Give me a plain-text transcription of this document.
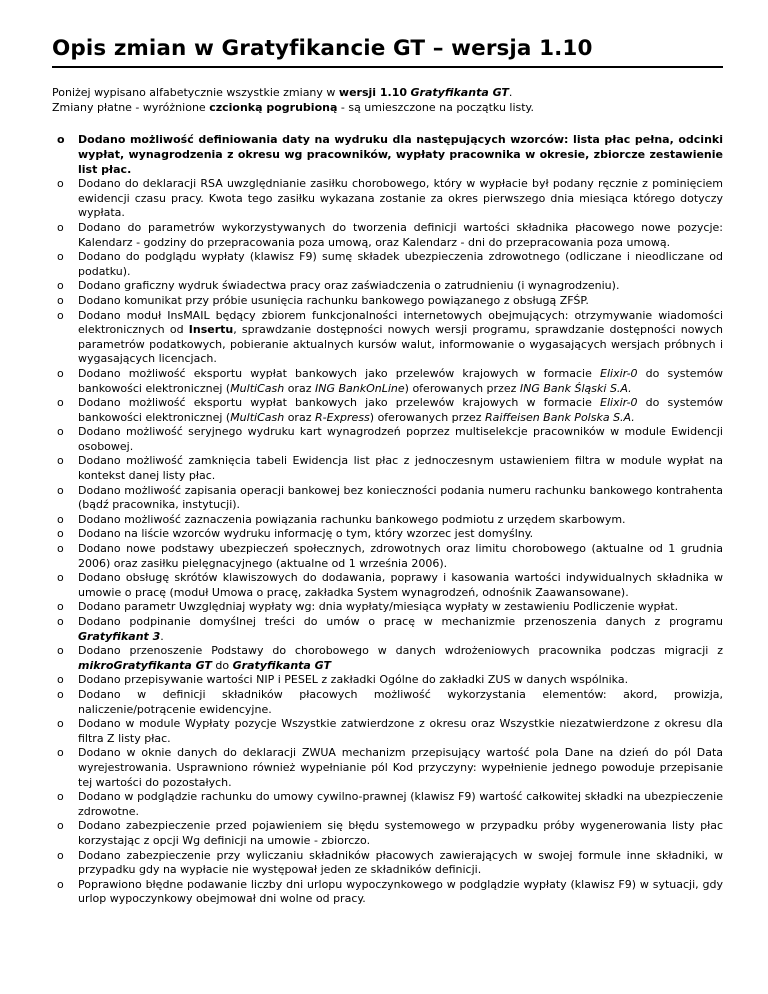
Opis zmian w Gratyfikancie GT – wersja 1.10

Poniżej wypisano alfabetycznie wszystkie zmiany w wersji 1.10 Gratyfikanta GT.

Zmiany płatne - wyróżnione czcionką pogrubioną - są umieszczone na początku listy.

o Dodano możliwość definiowania daty na wydruku dla następujących wzorców: lista płac pełna, odcinki wypłat, wynagrodzenia z okresu wg pracowników, wypłaty pracownika w okresie, zbiorcze zestawienie list płac.
o Dodano do deklaracji RSA uwzględnianie zasiłku chorobowego, który w wypłacie był podany ręcznie z pominięciem ewidencji czasu pracy. Kwota tego zasiłku wykazana zostanie za okres pierwszego dnia miesiąca którego dotyczy wypłata.
o Dodano do parametrów wykorzystywanych do tworzenia definicji wartości składnika płacowego nowe pozycje: Kalendarz - godziny do przepracowania poza umową, oraz Kalendarz - dni do przepracowania poza umową.
o Dodano do podglądu wypłaty (klawisz F9) sumę składek ubezpieczenia zdrowotnego (odliczane i nieodliczane od podatku).
o Dodano graficzny wydruk świadectwa pracy oraz zaświadczenia o zatrudnieniu (i wynagrodzeniu).
o Dodano komunikat przy próbie usunięcia rachunku bankowego powiązanego z obsługą ZFŚP.
o Dodano moduł InsMAIL będący zbiorem funkcjonalności internetowych obejmujących: otrzymywanie wiadomości elektronicznych od Insertu, sprawdzanie dostępności nowych wersji programu, sprawdzanie dostępności nowych parametrów podatkowych, pobieranie aktualnych kursów walut, informowanie o wygasających wersjach próbnych i wygasających licencjach.
o Dodano możliwość eksportu wypłat bankowych jako przelewów krajowych w formacie Elixir-0 do systemów bankowości elektronicznej (MultiCash oraz ING BankOnLine) oferowanych przez ING Bank Śląski S.A.
o Dodano możliwość eksportu wypłat bankowych jako przelewów krajowych w formacie Elixir-0 do systemów bankowości elektronicznej (MultiCash oraz R-Express) oferowanych przez Raiffeisen Bank Polska S.A.
o Dodano możliwość seryjnego wydruku kart wynagrodzeń poprzez multiselekcje pracowników w module Ewidencji osobowej.
o Dodano możliwość zamknięcia tabeli Ewidencja list płac z jednoczesnym ustawieniem filtra w module wypłat na kontekst danej listy płac.
o Dodano możliwość zapisania operacji bankowej bez konieczności podania numeru rachunku bankowego kontrahenta (bądź pracownika, instytucji).
o Dodano możliwość zaznaczenia powiązania rachunku bankowego podmiotu z urzędem skarbowym.
o Dodano na liście wzorców wydruku informację o tym, który wzorzec jest domyślny.
o Dodano nowe podstawy ubezpieczeń społecznych, zdrowotnych oraz limitu chorobowego (aktualne od 1 grudnia 2006) oraz zasiłku pielęgnacyjnego (aktualne od 1 września 2006).
o Dodano obsługę skrótów klawiszowych do dodawania, poprawy i kasowania wartości indywidualnych składnika w umowie o pracę (moduł Umowa o pracę, zakładka System wynagrodzeń, odnośnik Zaawansowane).
o Dodano parametr Uwzględniaj wypłaty wg: dnia wypłaty/miesiąca wypłaty w zestawieniu Podliczenie wypłat.
o Dodano podpinanie domyślnej treści do umów o pracę w mechanizmie przenoszenia danych z programu Gratyfikant 3.
o Dodano przenoszenie Podstawy do chorobowego w danych wdrożeniowych pracownika podczas migracji z mikroGratyfikanta GT do Gratyfikanta GT
o Dodano przepisywanie wartości NIP i PESEL z zakładki Ogólne do zakładki ZUS w danych wspólnika.
o Dodano w definicji składników płacowych możliwość wykorzystania elementów: akord, prowizja, naliczenie/potrącenie ewidencyjne.
o Dodano w module Wypłaty pozycje Wszystkie zatwierdzone z okresu oraz Wszystkie niezatwierdzone z okresu dla filtra Z listy płac.
o Dodano w oknie danych do deklaracji ZWUA mechanizm przepisujący wartość pola Dane na dzień do pól Data wyrejestrowania. Usprawniono również wypełnianie pól Kod przyczyny: wypełnienie jednego powoduje przepisanie tej wartości do pozostałych.
o Dodano w podglądzie rachunku do umowy cywilno-prawnej (klawisz F9) wartość całkowitej składki na ubezpieczenie zdrowotne.
o Dodano zabezpieczenie przed pojawieniem się błędu systemowego w przypadku próby wygenerowania listy płac korzystając z opcji Wg definicji na umowie - zbiorczo.
o Dodano zabezpieczenie przy wyliczaniu składników płacowych zawierających w swojej formule inne składniki, w przypadku gdy na wypłacie nie występował jeden ze składników definicji.
o Poprawiono błędne podawanie liczby dni urlopu wypoczynkowego w podglądzie wypłaty (klawisz F9) w sytuacji, gdy urlop wypoczynkowy obejmował dni wolne od pracy.
